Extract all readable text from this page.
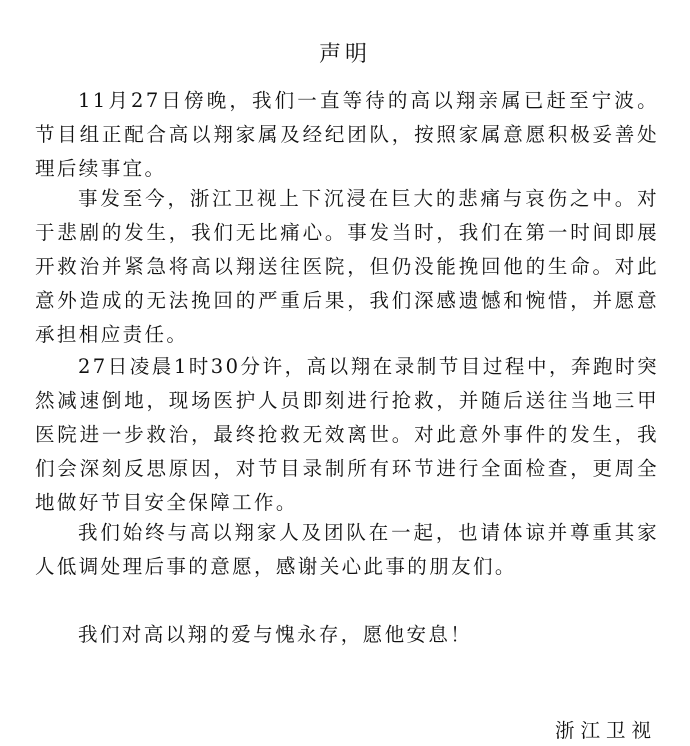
声明

11月27日傍晚，我们一直等待的高以翔亲属已赶至宁波。节目组正配合高以翔家属及经纪团队，按照家属意愿积极妥善处理后续事宜。

事发至今，浙江卫视上下沉浸在巨大的悲痛与哀伤之中。对于悲剧的发生，我们无比痛心。事发当时，我们在第一时间即展开救治并紧急将高以翔送往医院，但仍没能挽回他的生命。对此意外造成的无法挽回的严重后果，我们深感遗憾和惋惜，并愿意承担相应责任。

27日凌晨1时30分许，高以翔在录制节目过程中，奔跑时突然减速倒地，现场医护人员即刻进行抢救，并随后送往当地三甲医院进一步救治，最终抢救无效离世。对此意外事件的发生，我们会深刻反思原因，对节目录制所有环节进行全面检查，更周全地做好节目安全保障工作。

我们始终与高以翔家人及团队在一起，也请体谅并尊重其家人低调处理后事的意愿，感谢关心此事的朋友们。

我们对高以翔的爱与愧永存，愿他安息！

浙江卫视
